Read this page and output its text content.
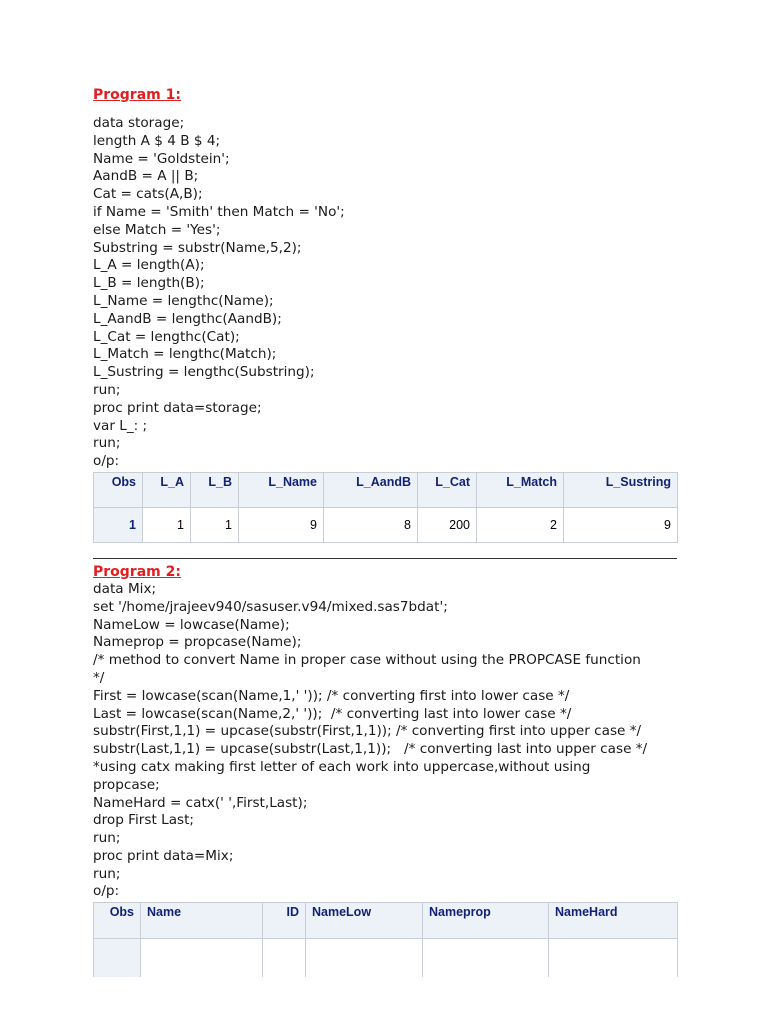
Program 1:

data storage;
length A $ 4 B $ 4;
Name = 'Goldstein';
AandB = A || B;
Cat = cats(A,B);
if Name = 'Smith' then Match = 'No';
else Match = 'Yes';
Substring = substr(Name,5,2);
L_A = length(A);
L_B = length(B);
L_Name = lengthc(Name);
L_AandB = lengthc(AandB);
L_Cat = lengthc(Cat);
L_Match = lengthc(Match);
L_Sustring = lengthc(Substring);
run;
proc print data=storage;
var L_: ;
run;
o/p:
Obs	L_A	L_B	L_Name	L_AandB	L_Cat	L_Match	L_Sustring
1	1	1	9	8	200	2	9

Program 2:

data Mix;
set '/home/jrajeev940/sasuser.v94/mixed.sas7bdat';
NameLow = lowcase(Name);
Nameprop = propcase(Name);
/* method to convert Name in proper case without using the PROPCASE function
*/
First = lowcase(scan(Name,1,' ')); /* converting first into lower case */
Last = lowcase(scan(Name,2,' '));  /* converting last into lower case */
substr(First,1,1) = upcase(substr(First,1,1)); /* converting first into upper case */
substr(Last,1,1) = upcase(substr(Last,1,1));   /* converting last into upper case */
*using catx making first letter of each work into uppercase,without using
propcase;
NameHard = catx(' ',First,Last);
drop First Last;
run;
proc print data=Mix;
run;
o/p:
Obs	Name	ID	NameLow	Nameprop	NameHard
